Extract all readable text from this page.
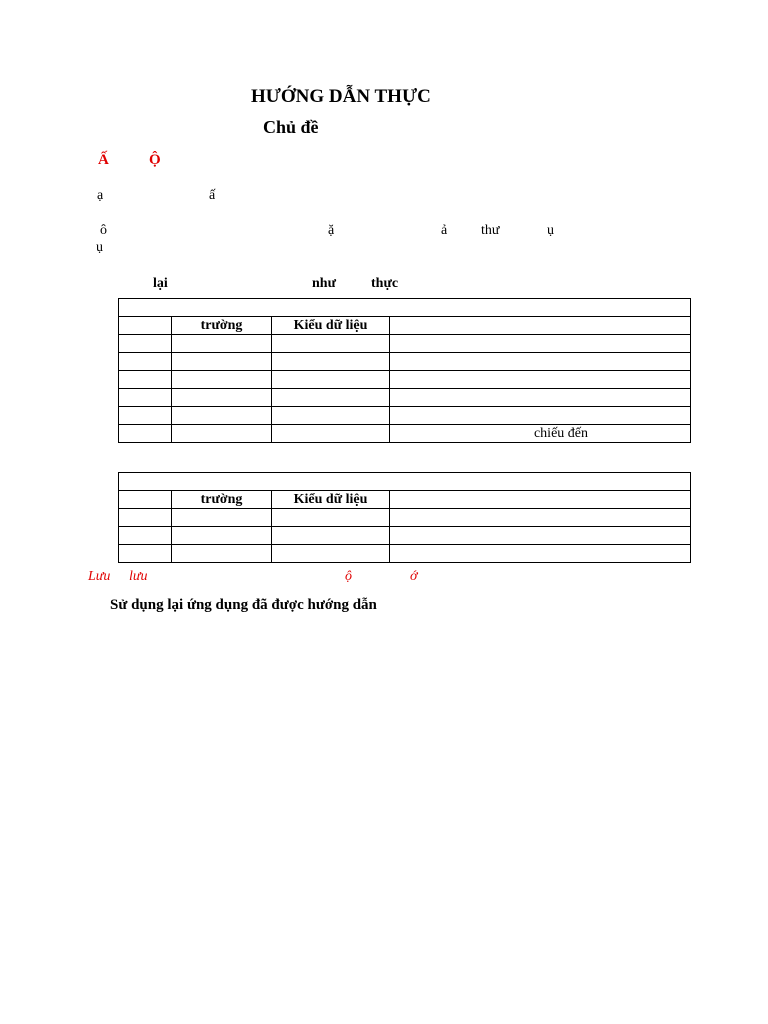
HƯỚNG DẪN THỰC
Chủ đề
Ấ	Ộ
ạ	ấ
ô	ặ	ả thư	ụ
ụ
lại	như	thực

	trường	Kiểu dữ liệu	

			chiếu đến

	trường	Kiểu dữ liệu	

Lưu lưu	ộ	ớ
Sử dụng lại ứng dụng đã được hướng dẫn
